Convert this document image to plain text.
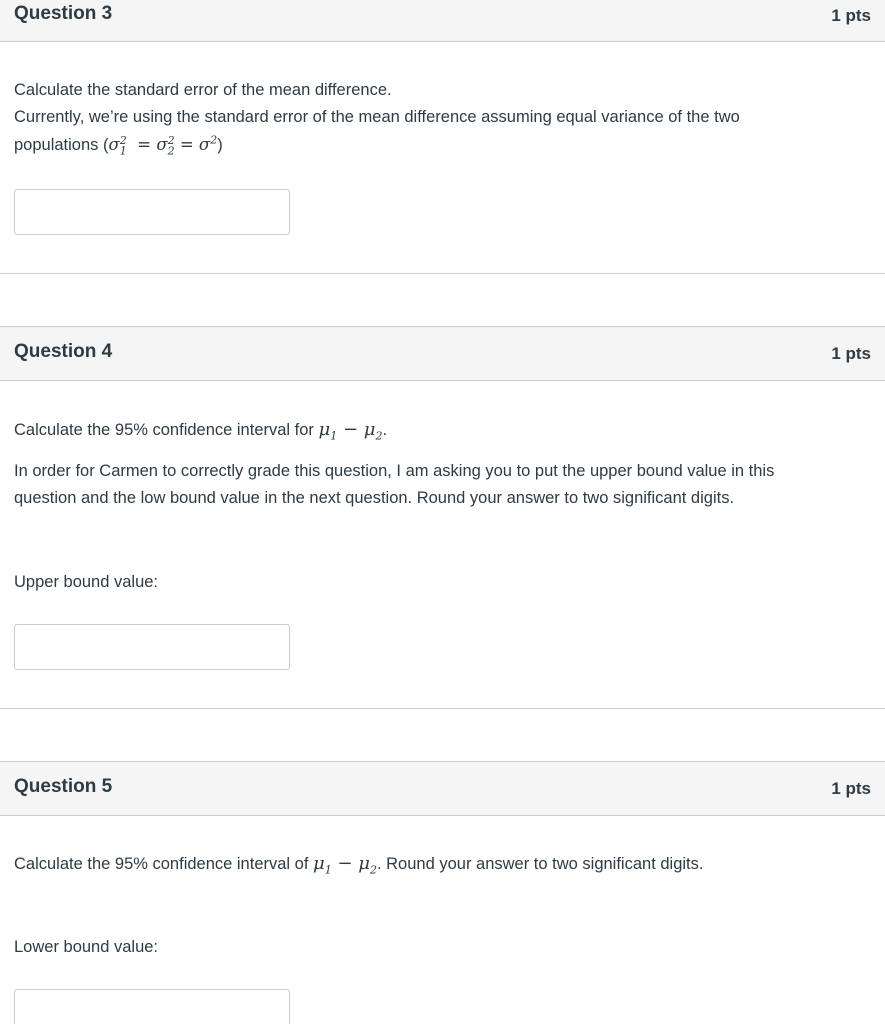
Question 3	1 pts
Calculate the standard error of the mean difference.
Currently, we’re using the standard error of the mean difference assuming equal variance of the two
populations $(\sigma_1^2 = \sigma_2^2 = \sigma^2)$
Question 4	1 pts
Calculate the 95% confidence interval for $\mu_1 - \mu_2$.
In order for Carmen to correctly grade this question, I am asking you to put the upper bound value in this
question and the low bound value in the next question. Round your answer to two significant digits.
Upper bound value:
Question 5	1 pts
Calculate the 95% confidence interval of $\mu_1 - \mu_2$. Round your answer to two significant digits.
Lower bound value:
